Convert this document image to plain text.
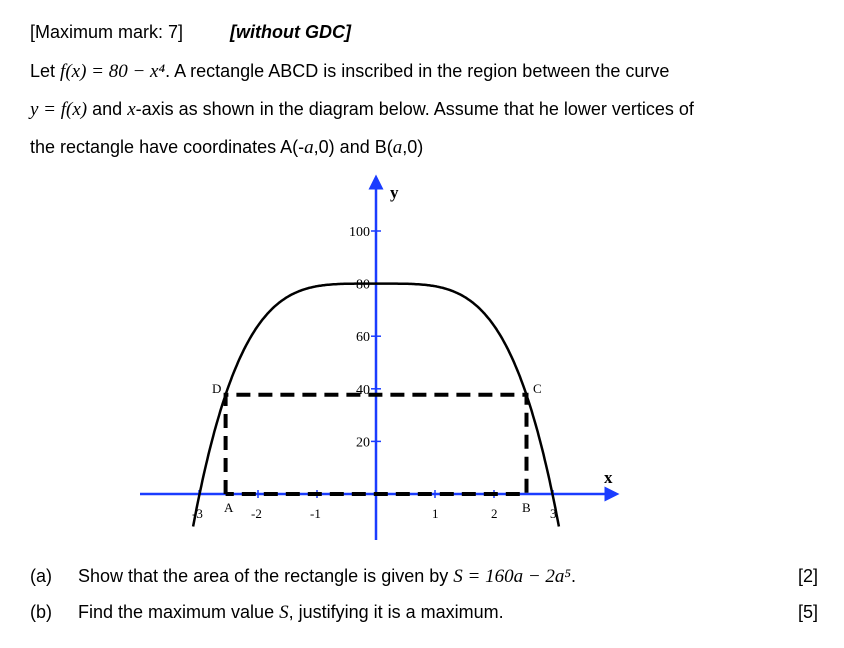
[Maximum mark: 7]	[without GDC]
Let f(x) = 80 − x⁴. A rectangle ABCD is inscribed in the region between the curve
y = f(x) and x-axis as shown in the diagram below. Assume that he lower vertices of
the rectangle have coordinates A(-a,0) and B(a,0)
x
y
-3	-2	-1	1	2	3
20
40
60
80
100
D	C
A	B
(a) Show that the area of the rectangle is given by S = 160a − 2a⁵.	[2]
(b) Find the maximum value S, justifying it is a maximum.	[5]
